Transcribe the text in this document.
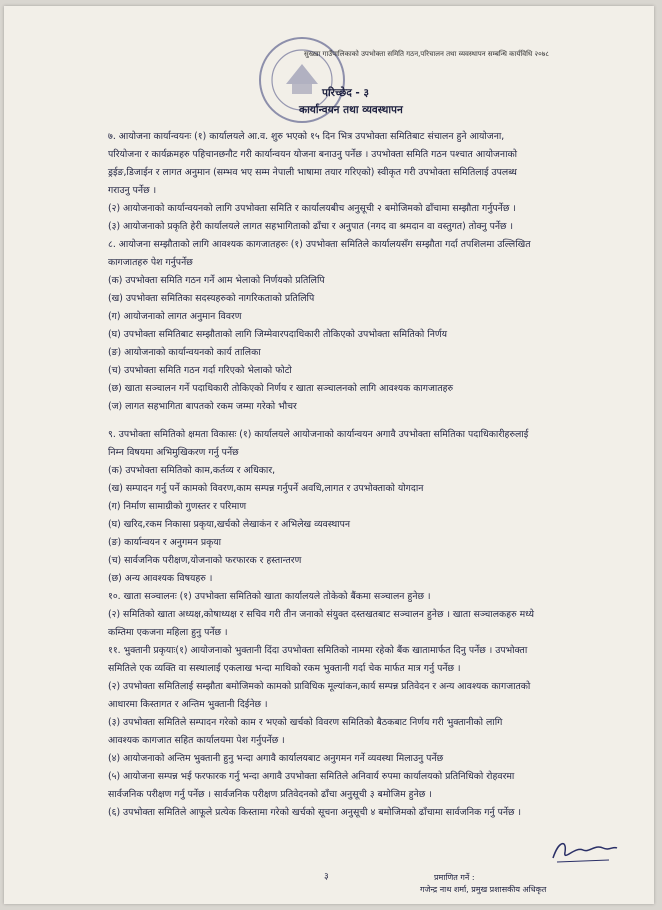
सुख्खा गाउँपालिकाको उपभोक्ता समिति गठन,परिचालन तथा व्यवस्थापन सम्बन्धि कार्यविधि २०७८
परिच्छेद - ३
कार्यान्वयन तथा व्यवस्थापन

७. आयोजना कार्यान्वयनः (१) कार्यालयले आ.व. शुरु भएको १५ दिन भित्र उपभोक्ता समितिबाट संचालन हुने आयोजना,

परियोजना र कार्यक्रमहरु पहिचानछनौट गरी कार्यान्वयन योजना बनाउनु पर्नेछ । उपभोक्ता समिति गठन पश्चात आयोजनाको

ड्रईङ,डिजाईन र लागत अनुमान (सम्भव भए सम्म नेपाली भाषामा तयार गरिएको) स्वीकृत गरी उपभोक्ता समितिलाई उपलब्ध

गराउनु पर्नेछ ।

(२) आयोजनाको कार्यान्वयनको लागि उपभोक्ता समिति र कार्यालयबीच अनुसूची २ बमोजिमको ढाँचामा सम्झौता गर्नुपर्नेछ ।

(३) आयोजनाको प्रकृति हेरी कार्यालयले लागत सहभागिताको ढाँचा र अनुपात (नगद वा श्रमदान वा वस्तुगत) तोक्नु पर्नेछ ।

८. आयोजना सम्झौताको लागि आवश्यक कागजातहरुः (१) उपभोक्ता समितिले कार्यालयसँग सम्झौता गर्दा तपशिलमा उल्लिखित

कागजातहरु पेश गर्नुपर्नेछ

(क) उपभोक्ता समिति गठन गर्ने आम भेलाको निर्णयको प्रतिलिपि

(ख) उपभोक्ता समितिका सदस्यहरुको नागरिकताको प्रतिलिपि

(ग) आयोजनाको लागत अनुमान विवरण

(घ) उपभोक्ता समितिबाट सम्झौताको लागि जिम्मेवारपदाधिकारी तोकिएको उपभोक्ता समितिको निर्णय

(ङ) आयोजनाको कार्यान्वयनको कार्य तालिका

(च) उपभोक्ता समिति गठन गर्दा गरिएको भेलाको फोटो

(छ) खाता सञ्चालन गर्ने पदाधिकारी तोकिएको निर्णय र खाता सञ्चालनको लागि आवश्यक कागजातहरु

(ज) लागत सहभागिता बापतको रकम जम्मा गरेको भौचर

९. उपभोक्ता समितिको क्षमता विकासः (१) कार्यालयले आयोजनाको कार्यान्वयन अगावै उपभोक्ता समितिका पदाधिकारीहरुलाई

निम्न विषयमा अभिमुखिकरण गर्नु पर्नेछ

(क) उपभोक्ता समितिको काम,कर्तव्य र अधिकार,

(ख) सम्पादन गर्नु पर्ने कामको विवरण,काम सम्पन्न गर्नुपर्ने अवधि,लागत र उपभोक्ताको योगदान

(ग) निर्माण सामाग्रीको गुणस्तर र परिमाण

(घ) खरिद,रकम निकासा प्रकृया,खर्चको लेखाकंन र अभिलेख व्यवस्थापन

(ङ) कार्यान्वयन र अनुगमन प्रकृया

(च) सार्वजनिक परीक्षण,योजनाको फरफारक र हस्तान्तरण

(छ) अन्य आवश्यक विषयहरु ।

१०. खाता सञ्चालनः (१) उपभोक्ता समितिको खाता कार्यालयले तोकेको बैंकमा सञ्चालन हुनेछ ।

(२) समितिको खाता अध्यक्ष,कोषाध्यक्ष र सचिव गरी तीन जनाको संयुक्त दस्तखतबाट सञ्चालन हुनेछ । खाता सञ्चालकहरु मध्ये

कम्तिमा एकजना महिला हुनु पर्नेछ ।

११. भुक्तानी प्रकृयाः(१) आयोजनाको भुक्तानी दिंदा उपभोक्ता समितिको नाममा रहेको बैंक खातामार्फत दिनु पर्नेछ । उपभोक्ता

समितिले एक व्यक्ति वा सस्थालाई एकलाख भन्दा माथिको रकम भुक्तानी गर्दा चेक मार्फत मात्र गर्नु पर्नेछ ।

(२) उपभोक्ता समितिलाई सम्झौता बमोजिमको कामको प्राविधिक मूल्यांकन,कार्य सम्पन्न प्रतिवेदन र अन्य आवश्यक कागजातको

आधारमा किस्तागत र अन्तिम भुक्तानी दिईनेछ ।

(३) उपभोक्ता समितिले सम्पादन गरेको काम र भएको खर्चको विवरण समितिको बैठकबाट निर्णय गरी भुक्तानीको लागि

आवश्यक कागजात सहित कार्यालयमा पेश गर्नुपर्नेछ ।

(४) आयोजनाको अन्तिम भुक्तानी हुनु भन्दा अगावै कार्यालयबाट अनुगमन गर्ने व्यवस्था मिलाउनु पर्नेछ

(५) आयोजना सम्पन्न भई फरफारक गर्नु भन्दा अगावै उपभोक्ता समितिले अनिवार्य रुपमा कार्यालयको प्रतिनिधिको रोहवरमा

सार्वजनिक परीक्षण गर्नु पर्नेछ । सार्वजनिक परीक्षण प्रतिवेदनको ढाँचा अनुसूची ३ बमोजिम हुनेछ ।

(६) उपभोक्ता समितिले आफूले प्रत्येक किस्तामा गरेको खर्चको सूचना अनुसूची ४ बमोजिमको ढाँचामा सार्वजनिक गर्नु पर्नेछ ।

३	प्रमाणित गर्ने :
गजेन्द्र नाथ शर्मा, प्रमुख प्रशासकीय अधिकृत
